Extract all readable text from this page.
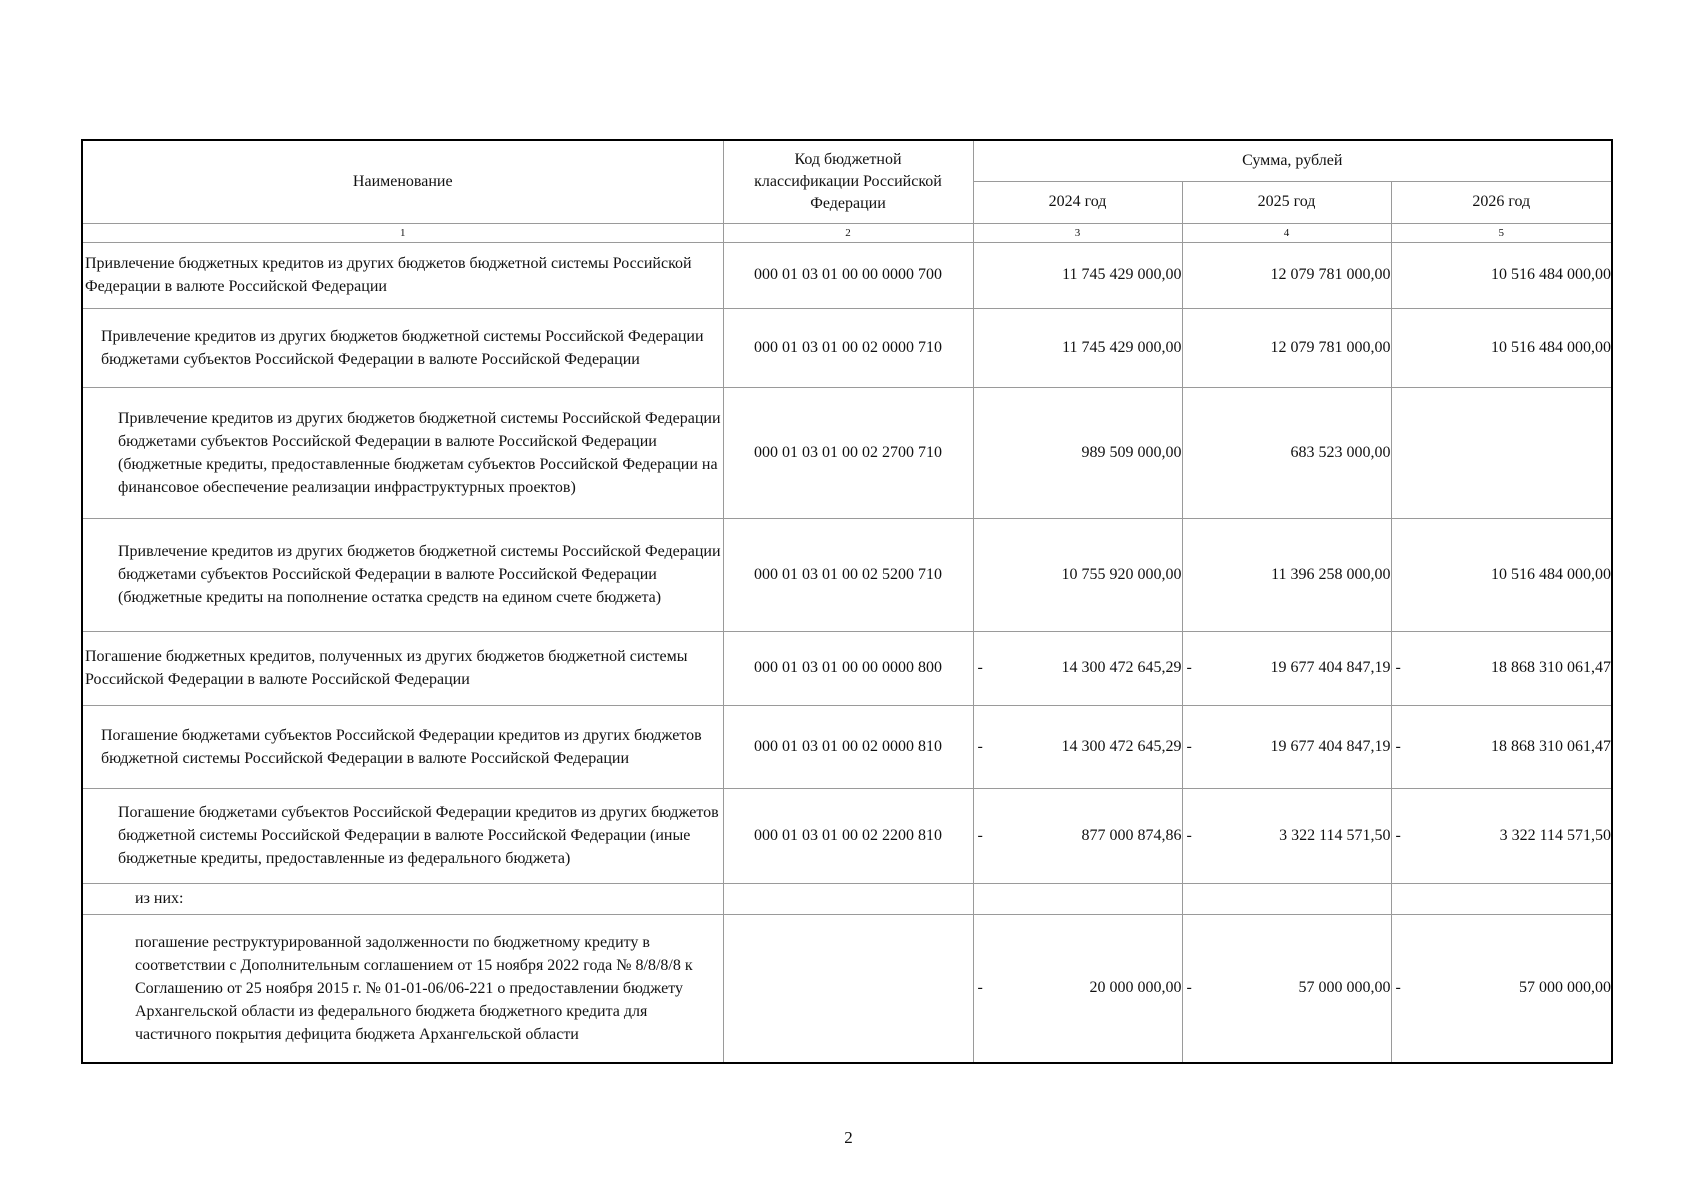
Наименование	Код бюджетной классификации Российской Федерации	Сумма, рублей		
		2024 год	2025 год	2026 год
1	2	3	4	5
Привлечение бюджетных кредитов из других бюджетов бюджетной системы Российской Федерации в валюте Российской Федерации	000 01 03 01 00 00 0000 700	11 745 429 000,00	12 079 781 000,00	10 516 484 000,00
Привлечение кредитов из других бюджетов бюджетной системы Российской Федерации бюджетами субъектов Российской Федерации в валюте Российской Федерации	000 01 03 01 00 02 0000 710	11 745 429 000,00	12 079 781 000,00	10 516 484 000,00
Привлечение кредитов из других бюджетов бюджетной системы Российской Федерации бюджетами субъектов Российской Федерации в валюте Российской Федерации (бюджетные кредиты, предоставленные бюджетам субъектов Российской Федерации на финансовое обеспечение реализации инфраструктурных проектов)	000 01 03 01 00 02 2700 710	989 509 000,00	683 523 000,00	

Привлечение кредитов из других бюджетов бюджетной системы Российской Федерации бюджетами субъектов Российской Федерации в валюте Российской Федерации (бюджетные кредиты на пополнение остатка средств на едином счете бюджета)	000 01 03 01 00 02 5200 710	10 755 920 000,00	11 396 258 000,00	10 516 484 000,00
Погашение бюджетных кредитов, полученных из других бюджетов бюджетной системы Российской Федерации в валюте Российской Федерации	000 01 03 01 00 00 0000 800	- 14 300 472 645,29	- 19 677 404 847,19	- 18 868 310 061,47
Погашение бюджетами субъектов Российской Федерации кредитов из других бюджетов бюджетной системы Российской Федерации в валюте Российской Федерации	000 01 03 01 00 02 0000 810	- 14 300 472 645,29	- 19 677 404 847,19	- 18 868 310 061,47
Погашение бюджетами субъектов Российской Федерации кредитов из других бюджетов бюджетной системы Российской Федерации в валюте Российской Федерации (иные бюджетные кредиты, предоставленные из федерального бюджета)	000 01 03 01 00 02 2200 810	- 877 000 874,86	- 3 322 114 571,50	- 3 322 114 571,50
из них:		

погашение реструктурированной задолженности по бюджетному кредиту в соответствии с Дополнительным соглашением от 15 ноября 2022 года № 8/8/8/8 к Соглашению от 25 ноября 2015 г. № 01-01-06/06-221 о предоставлении бюджету Архангельской области из федерального бюджета бюджетного кредита для частичного покрытия дефицита бюджета Архангельской области		- 20 000 000,00	- 57 000 000,00	- 57 000 000,00
2
